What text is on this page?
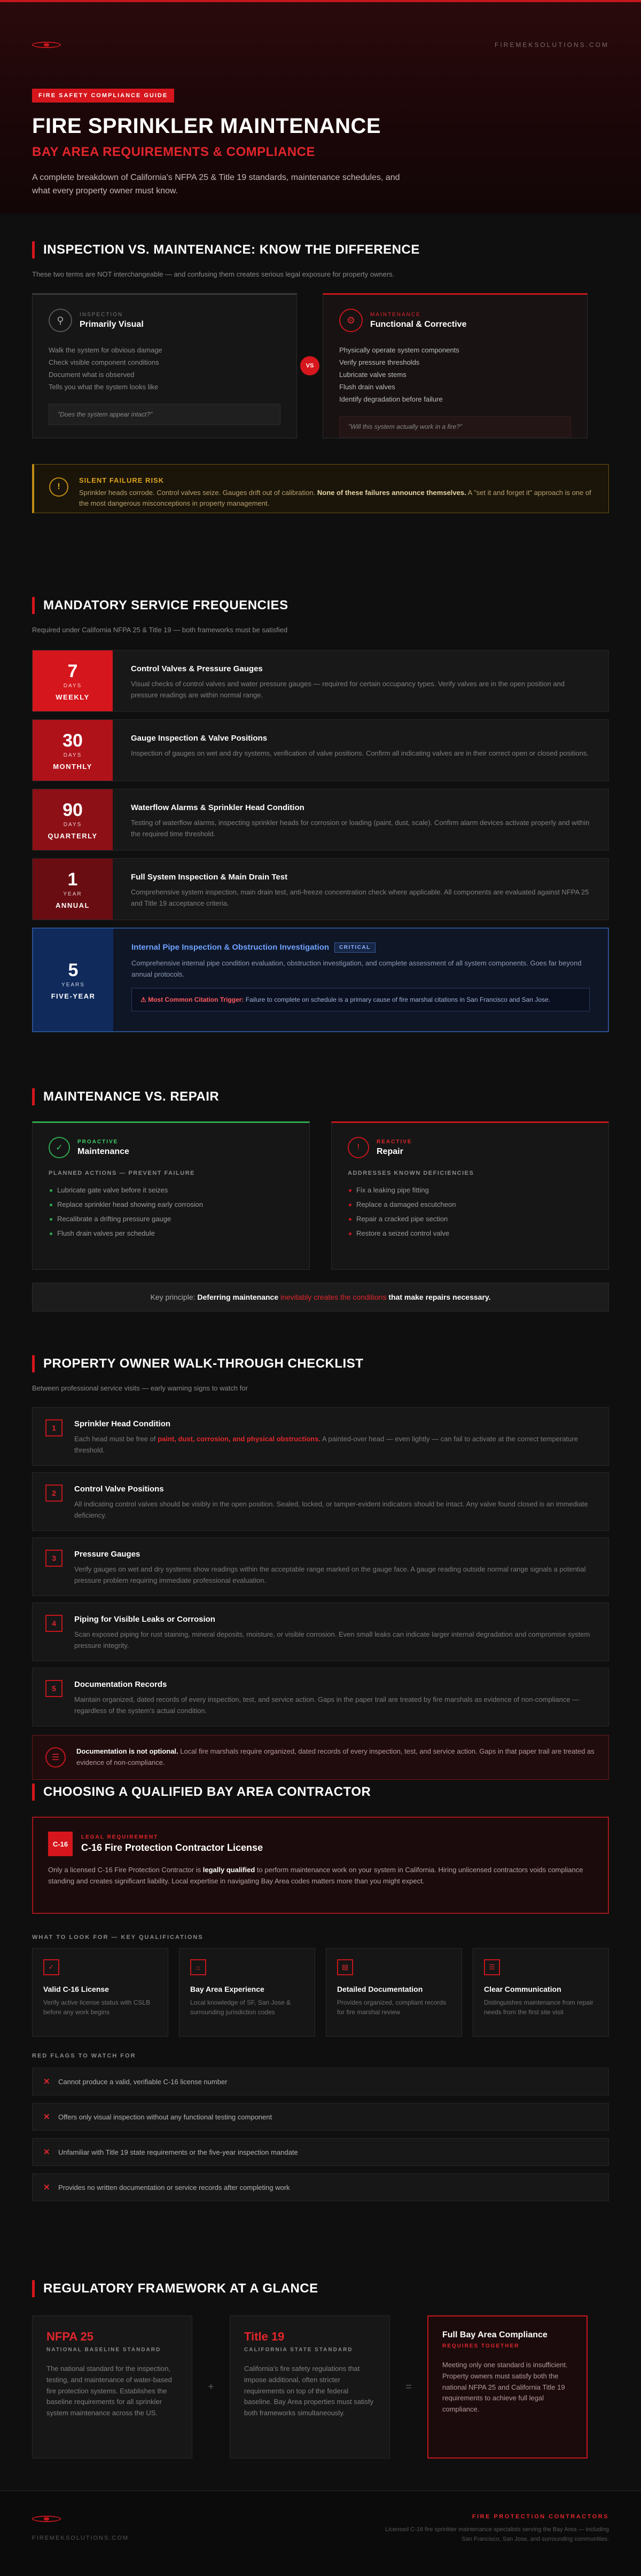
FIREMEKSOLUTIONS.COM
FIRE SAFETY COMPLIANCE GUIDE
FIRE SPRINKLER MAINTENANCE
BAY AREA REQUIREMENTS & COMPLIANCE

A complete breakdown of California's NFPA 25 & Title 19 standards, maintenance schedules, and what every property owner must know.

INSPECTION VS. MAINTENANCE: KNOW THE DIFFERENCE
These two terms are NOT interchangeable — and confusing them creates serious legal exposure for property owners.
⚲
INSPECTION
Primarily Visual
Walk the system for obvious damage
Check visible component conditions
Document what is observed
Tells you what the system looks like
"Does the system appear intact?"
VS
⚙
MAINTENANCE
Functional & Corrective
Physically operate system components
Verify pressure thresholds
Lubricate valve stems
Flush drain valves
Identify degradation before failure
"Will this system actually work in a fire?"
!
SILENT FAILURE RISK
Sprinkler heads corrode. Control valves seize. Gauges drift out of calibration. None of these failures announce themselves. A "set it and forget it" approach is one of the most dangerous misconceptions in property management.
MANDATORY SERVICE FREQUENCIES
Required under California NFPA 25 & Title 19 — both frameworks must be satisfied
7
DAYS
WEEKLY
Control Valves & Pressure Gauges
Visual checks of control valves and water pressure gauges — required for certain occupancy types. Verify valves are in the open position and pressure readings are within normal range.
30
DAYS
MONTHLY
Gauge Inspection & Valve Positions
Inspection of gauges on wet and dry systems, verification of valve positions. Confirm all indicating valves are in their correct open or closed positions.
90
DAYS
QUARTERLY
Waterflow Alarms & Sprinkler Head Condition
Testing of waterflow alarms, inspecting sprinkler heads for corrosion or loading (paint, dust, scale). Confirm alarm devices activate properly and within the required time threshold.
1
YEAR
ANNUAL
Full System Inspection & Main Drain Test
Comprehensive system inspection, main drain test, anti-freeze concentration check where applicable. All components are evaluated against NFPA 25 and Title 19 acceptance criteria.
5
YEARS
FIVE-YEAR
Internal Pipe Inspection & Obstruction Investigation CRITICAL
Comprehensive internal pipe condition evaluation, obstruction investigation, and complete assessment of all system components. Goes far beyond annual protocols.
⚠ Most Common Citation Trigger: Failure to complete on schedule is a primary cause of fire marshal citations in San Francisco and San Jose.
MAINTENANCE VS. REPAIR
✓
PROACTIVE
Maintenance
PLANNED ACTIONS — PREVENT FAILURE
Lubricate gate valve before it seizes
Replace sprinkler head showing early corrosion
Recalibrate a drifting pressure gauge
Flush drain valves per schedule
!
REACTIVE
Repair
ADDRESSES KNOWN DEFICIENCIES
Fix a leaking pipe fitting
Replace a damaged escutcheon
Repair a cracked pipe section
Restore a seized control valve
Key principle: Deferring maintenance inevitably creates the conditions that make repairs necessary.
PROPERTY OWNER WALK-THROUGH CHECKLIST
Between professional service visits — early warning signs to watch for
1	Sprinkler Head Condition
Each head must be free of paint, dust, corrosion, and physical obstructions. A painted-over head — even lightly — can fail to activate at the correct temperature threshold.
2	Control Valve Positions
All indicating control valves should be visibly in the open position. Sealed, locked, or tamper-evident indicators should be intact. Any valve found closed is an immediate deficiency.
3	Pressure Gauges
Verify gauges on wet and dry systems show readings within the acceptable range marked on the gauge face. A gauge reading outside normal range signals a potential pressure problem requiring immediate professional evaluation.
4	Piping for Visible Leaks or Corrosion
Scan exposed piping for rust staining, mineral deposits, moisture, or visible corrosion. Even small leaks can indicate larger internal degradation and compromise system pressure integrity.
5	Documentation Records
Maintain organized, dated records of every inspection, test, and service action. Gaps in the paper trail are treated by fire marshals as evidence of non-compliance — regardless of the system's actual condition.
☰

Documentation is not optional. Local fire marshals require organized, dated records of every inspection, test, and service action. Gaps in that paper trail are treated as evidence of non-compliance.

CHOOSING A QUALIFIED BAY AREA CONTRACTOR
C-16
LEGAL REQUIREMENT
C-16 Fire Protection Contractor License
Only a licensed C-16 Fire Protection Contractor is legally qualified to perform maintenance work on your system in California. Hiring unlicensed contractors voids compliance standing and creates significant liability. Local expertise in navigating Bay Area codes matters more than you might expect.
WHAT TO LOOK FOR — KEY QUALIFICATIONS
✓
Valid C-16 License
Verify active license status with CSLB before any work begins
⌂
Bay Area Experience
Local knowledge of SF, San Jose & surrounding jurisdiction codes
▤
Detailed Documentation
Provides organized, compliant records for fire marshal review
☰
Clear Communication
Distinguishes maintenance from repair needs from the first site visit
RED FLAGS TO WATCH FOR
✕	Cannot produce a valid, verifiable C-16 license number
✕	Offers only visual inspection without any functional testing component
✕	Unfamiliar with Title 19 state requirements or the five-year inspection mandate
✕	Provides no written documentation or service records after completing work
REGULATORY FRAMEWORK AT A GLANCE
NFPA 25
NATIONAL BASELINE STANDARD
The national standard for the inspection, testing, and maintenance of water-based fire protection systems. Establishes the baseline requirements for all sprinkler system maintenance across the US.
+
Title 19
CALIFORNIA STATE STANDARD
California's fire safety regulations that impose additional, often stricter requirements on top of the federal baseline. Bay Area properties must satisfy both frameworks simultaneously.
=
Full Bay Area Compliance
REQUIRES TOGETHER
Meeting only one standard is insufficient. Property owners must satisfy both the national NFPA 25 and California Title 19 requirements to achieve full legal compliance.
FIREMEKSOLUTIONS.COM
FIRE PROTECTION CONTRACTORS
Licensed C-16 fire sprinkler maintenance specialists serving the Bay Area — including San Francisco, San Jose, and surrounding communities.
